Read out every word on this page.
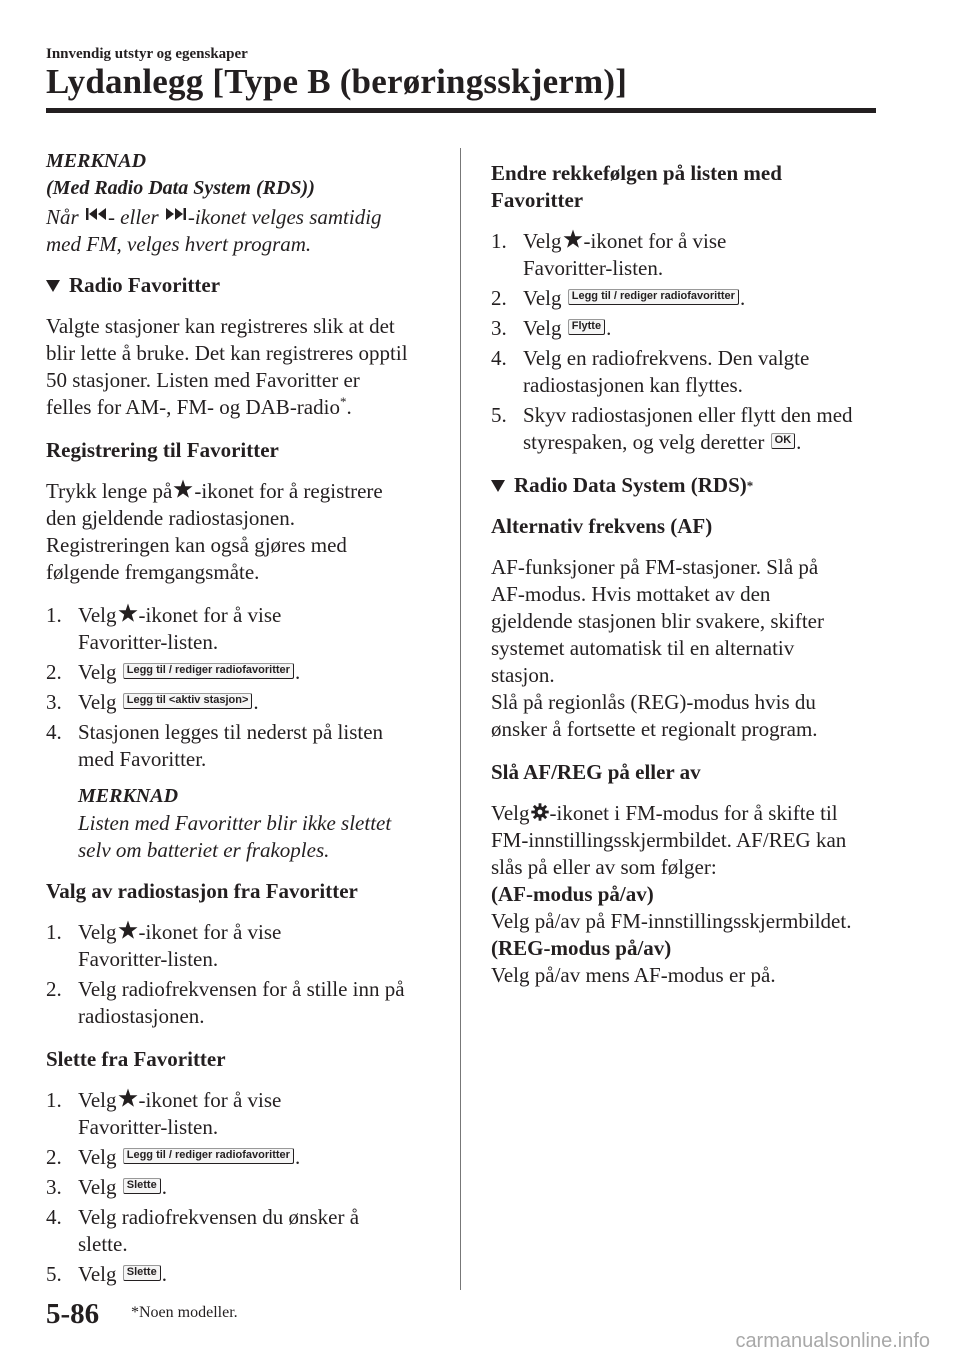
Innvendig utstyr og egenskaper
Lydanlegg [Type B (berøringsskjerm)]
MERKNAD
(Med Radio Data System (RDS))
Når - eller -ikonet velges samtidig
med FM, velges hvert program.
Radio Favoritter
Valgte stasjoner kan registreres slik at det
blir lette å bruke. Det kan registreres opptil
50 stasjoner. Listen med Favoritter er
felles for AM-, FM- og DAB-radio*.
Registrering til Favoritter
Trykk lenge på -ikonet for å registrere
den gjeldende radiostasjonen.
Registreringen kan også gjøres med
følgende fremgangsmåte.
1. Velg -ikonet for å vise
Favoritter-listen.
2. Velg Legg til / rediger radiofavoritter .
3. Velg Legg til <aktiv stasjon> .
4. Stasjonen legges til nederst på listen
med Favoritter.
MERKNAD
Listen med Favoritter blir ikke slettet
selv om batteriet er frakoples.
Valg av radiostasjon fra Favoritter
1. Velg -ikonet for å vise
Favoritter-listen.
2. Velg radiofrekvensen for å stille inn på
radiostasjonen.
Slette fra Favoritter
1. Velg -ikonet for å vise
Favoritter-listen.
2. Velg Legg til / rediger radiofavoritter .
3. Velg Slette .
4. Velg radiofrekvensen du ønsker å
slette.
5. Velg Slette .
Endre rekkefølgen på listen med
Favoritter
1. Velg -ikonet for å vise
Favoritter-listen.
2. Velg Legg til / rediger radiofavoritter .
3. Velg Flytte .
4. Velg en radiofrekvens. Den valgte
radiostasjonen kan flyttes.
5. Skyv radiostasjonen eller flytt den med
styrespaken, og velg deretter OK .
Radio Data System (RDS) *
Alternativ frekvens (AF)
AF-funksjoner på FM-stasjoner. Slå på
AF-modus. Hvis mottaket av den
gjeldende stasjonen blir svakere, skifter
systemet automatisk til en alternativ
stasjon.
Slå på regionlås (REG)-modus hvis du
ønsker å fortsette et regionalt program.
Slå AF/REG på eller av
Velg -ikonet i FM-modus for å skifte til
FM-innstillingsskjermbildet. AF/REG kan
slås på eller av som følger:
(AF-modus på/av)
Velg på/av på FM-innstillingsskjermbildet.
(REG-modus på/av)
Velg på/av mens AF-modus er på.
5-86 *Noen modeller.
carmanualsonline.info
